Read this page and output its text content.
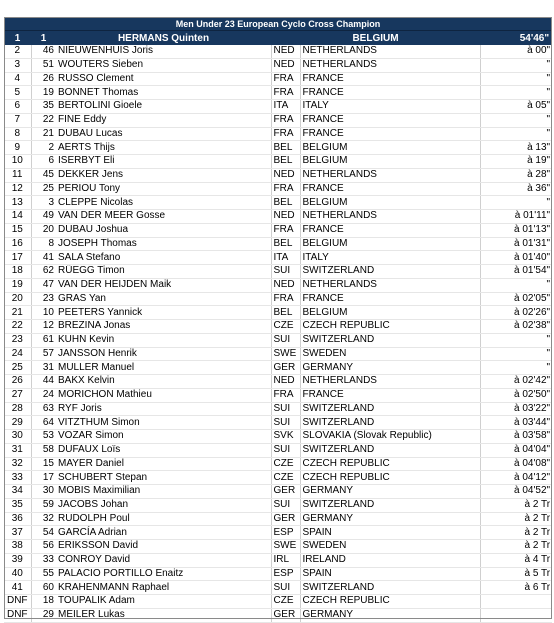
Men Under 23 European Cyclo Cross Champion					
1	1	HERMANS Quinten	BELGIUM		54'46"
2	46	NIEUWENHUIS Joris	NED	NETHERLANDS	à 00"
3	51	WOUTERS Sieben	NED	NETHERLANDS	"
4	26	RUSSO Clement	FRA	FRANCE	"
5	19	BONNET Thomas	FRA	FRANCE	"
6	35	BERTOLINI Gioele	ITA	ITALY	à 05"
7	22	FINE Eddy	FRA	FRANCE	"
8	21	DUBAU Lucas	FRA	FRANCE	"
9	2	AERTS Thijs	BEL	BELGIUM	à 13"
10	6	ISERBYT Eli	BEL	BELGIUM	à 19"
11	45	DEKKER Jens	NED	NETHERLANDS	à 28"
12	25	PERIOU Tony	FRA	FRANCE	à 36"
13	3	CLEPPE Nicolas	BEL	BELGIUM	"
14	49	VAN DER MEER Gosse	NED	NETHERLANDS	à 01'11"
15	20	DUBAU Joshua	FRA	FRANCE	à 01'13"
16	8	JOSEPH Thomas	BEL	BELGIUM	à 01'31"
17	41	SALA Stefano	ITA	ITALY	à 01'40"
18	62	RÜEGG Timon	SUI	SWITZERLAND	à 01'54"
19	47	VAN DER HEIJDEN Maik	NED	NETHERLANDS	"
20	23	GRAS Yan	FRA	FRANCE	à 02'05"
21	10	PEETERS Yannick	BEL	BELGIUM	à 02'26"
22	12	BREZINA Jonas	CZE	CZECH REPUBLIC	à 02'38"
23	61	KUHN Kevin	SUI	SWITZERLAND	"
24	57	JANSSON Henrik	SWE	SWEDEN	"
25	31	MULLER Manuel	GER	GERMANY	"
26	44	BAKX Kelvin	NED	NETHERLANDS	à 02'42"
27	24	MORICHON Mathieu	FRA	FRANCE	à 02'50"
28	63	RYF Joris	SUI	SWITZERLAND	à 03'22"
29	64	VITZTHUM Simon	SUI	SWITZERLAND	à 03'44"
30	53	VOZAR Simon	SVK	SLOVAKIA (Slovak Republic)	à 03'58"
31	58	DUFAUX Loïs	SUI	SWITZERLAND	à 04'04"
32	15	MAYER Daniel	CZE	CZECH REPUBLIC	à 04'08"
33	17	SCHUBERT Stepan	CZE	CZECH REPUBLIC	à 04'12"
34	30	MOBIS Maximilian	GER	GERMANY	à 04'52"
35	59	JACOBS Johan	SUI	SWITZERLAND	à 2 Tr
36	32	RUDOLPH Poul	GER	GERMANY	à 2 Tr
37	54	GARCÍA Adrian	ESP	SPAIN	à 2 Tr
38	56	ERIKSSON David	SWE	SWEDEN	à 2 Tr
39	33	CONROY David	IRL	IRELAND	à 4 Tr
40	55	PALACIO PORTILLO Enaitz	ESP	SPAIN	à 5 Tr
41	60	KRAHENMANN Raphael	SUI	SWITZERLAND	à 6 Tr
DNF	18	TOUPALIK Adam	CZE	CZECH REPUBLIC	
DNF	29	MEILER Lukas	GER	GERMANY	
